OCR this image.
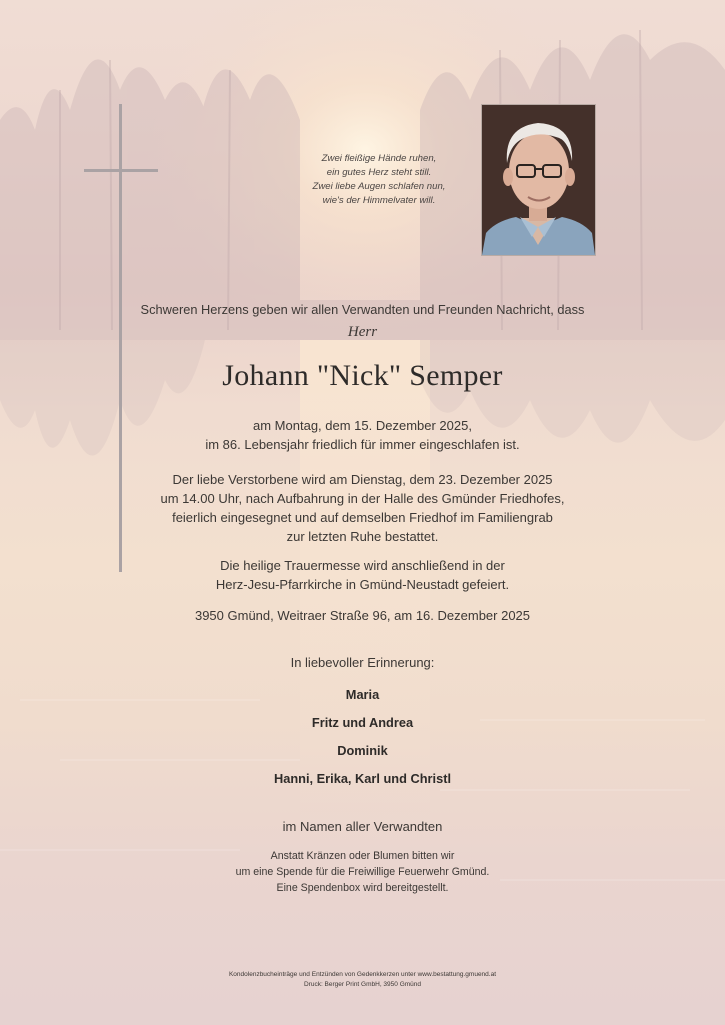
Zwei fleißige Hände ruhen,
ein gutes Herz steht still.
Zwei liebe Augen schlafen nun,
wie's der Himmelvater will.
Schweren Herzens geben wir allen Verwandten und Freunden Nachricht, dass
Herr
Johann "Nick" Semper
am Montag, dem 15. Dezember 2025,
im 86. Lebensjahr friedlich für immer eingeschlafen ist.
Der liebe Verstorbene wird am Dienstag, dem 23. Dezember 2025
um 14.00 Uhr, nach Aufbahrung in der Halle des Gmünder Friedhofes,
feierlich eingesegnet und auf demselben Friedhof im Familiengrab
zur letzten Ruhe bestattet.
Die heilige Trauermesse wird anschließend in der
Herz-Jesu-Pfarrkirche in Gmünd-Neustadt gefeiert.
3950 Gmünd, Weitraer Straße 96, am 16. Dezember 2025
In liebevoller Erinnerung:
Maria
Fritz und Andrea
Dominik
Hanni, Erika, Karl und Christl
im Namen aller Verwandten
Anstatt Kränzen oder Blumen bitten wir
um eine Spende für die Freiwillige Feuerwehr Gmünd.
Eine Spendenbox wird bereitgestellt.
Kondolenzbucheinträge und Entzünden von Gedenkkerzen unter www.bestattung.gmuend.at
Druck: Berger Print GmbH, 3950 Gmünd
